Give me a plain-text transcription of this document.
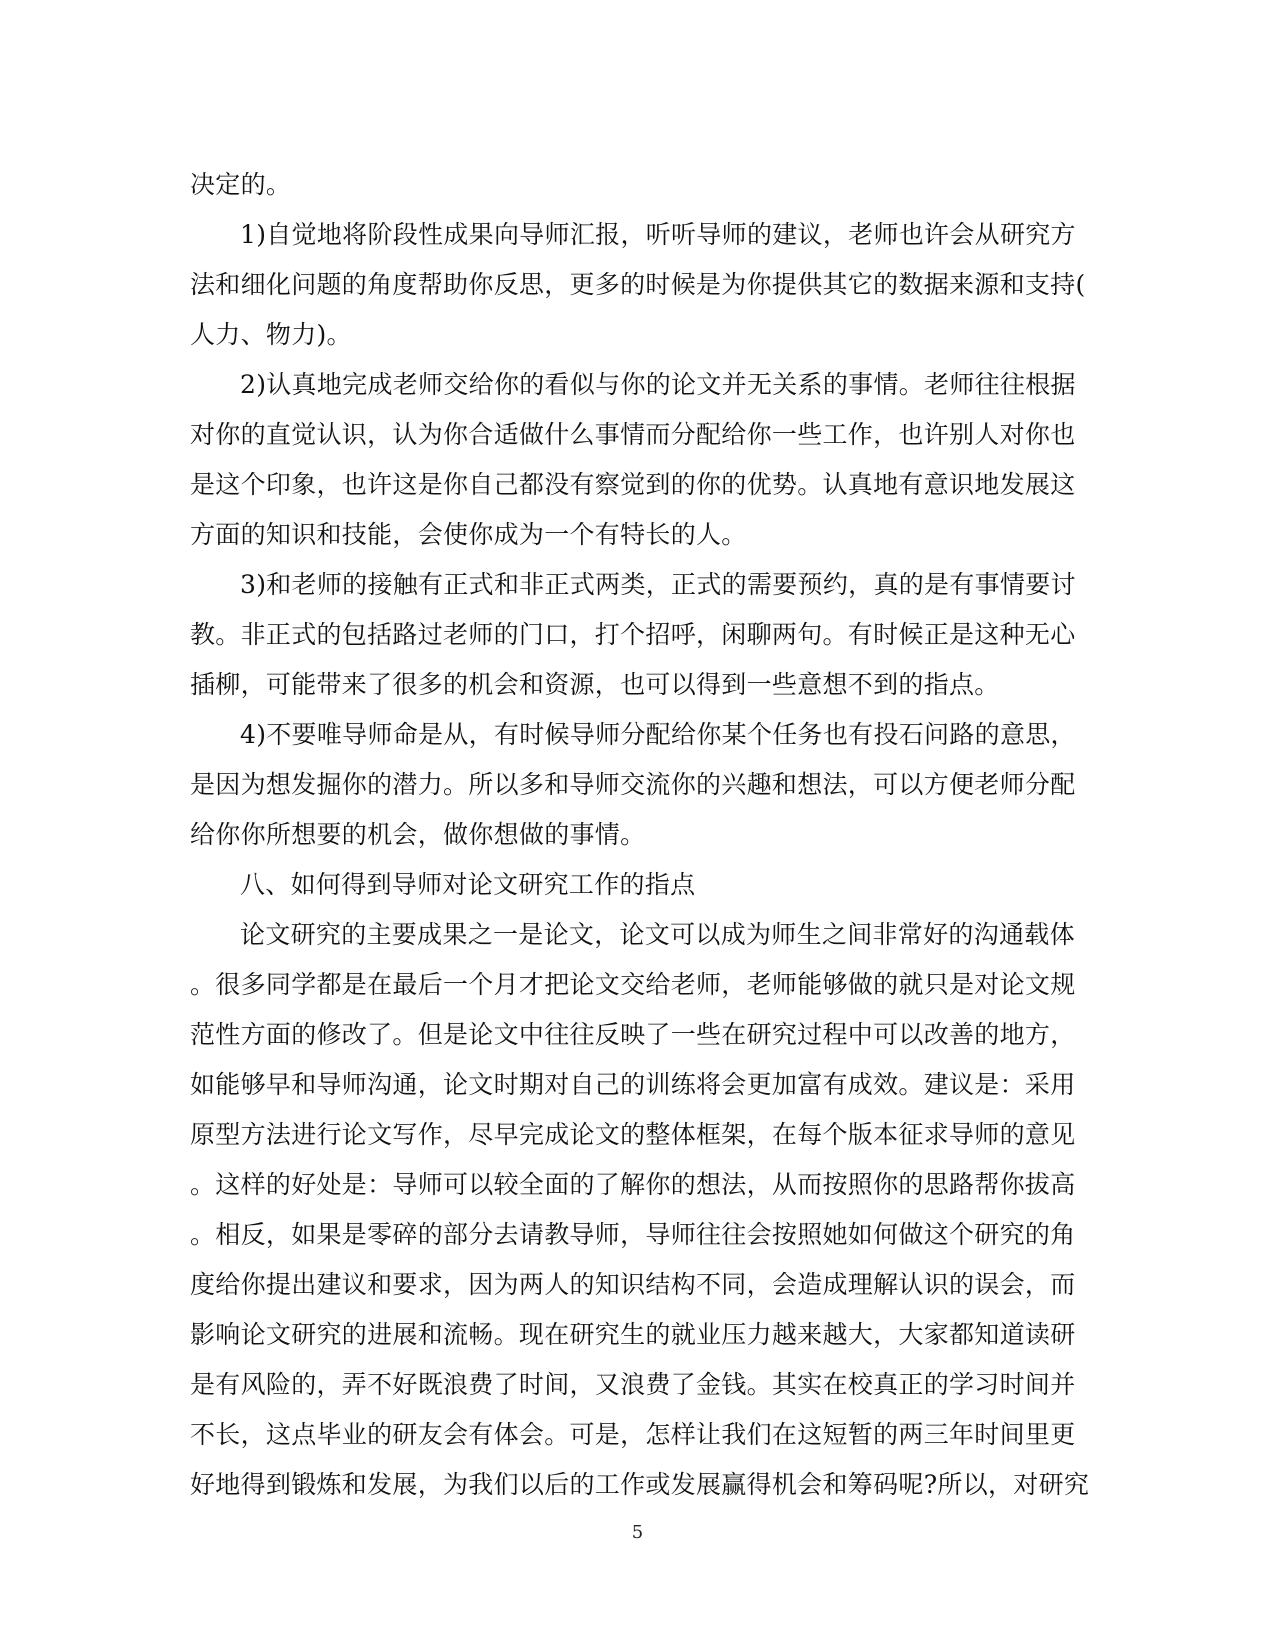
决定的。
1)自觉地将阶段性成果向导师汇报，听听导师的建议，老师也许会从研究方
法和细化问题的角度帮助你反思，更多的时候是为你提供其它的数据来源和支持(
人力、物力)。
2)认真地完成老师交给你的看似与你的论文并无关系的事情。老师往往根据
对你的直觉认识，认为你合适做什么事情而分配给你一些工作，也许别人对你也
是这个印象，也许这是你自己都没有察觉到的你的优势。认真地有意识地发展这
方面的知识和技能，会使你成为一个有特长的人。
3)和老师的接触有正式和非正式两类，正式的需要预约，真的是有事情要讨
教。非正式的包括路过老师的门口，打个招呼，闲聊两句。有时候正是这种无心
插柳，可能带来了很多的机会和资源，也可以得到一些意想不到的指点。
4)不要唯导师命是从，有时候导师分配给你某个任务也有投石问路的意思，
是因为想发掘你的潜力。所以多和导师交流你的兴趣和想法，可以方便老师分配
给你你所想要的机会，做你想做的事情。
八、如何得到导师对论文研究工作的指点
论文研究的主要成果之一是论文，论文可以成为师生之间非常好的沟通载体
。很多同学都是在最后一个月才把论文交给老师，老师能够做的就只是对论文规
范性方面的修改了。但是论文中往往反映了一些在研究过程中可以改善的地方，
如能够早和导师沟通，论文时期对自己的训练将会更加富有成效。建议是：采用
原型方法进行论文写作，尽早完成论文的整体框架，在每个版本征求导师的意见
。这样的好处是：导师可以较全面的了解你的想法，从而按照你的思路帮你拔高
。相反，如果是零碎的部分去请教导师，导师往往会按照她如何做这个研究的角
度给你提出建议和要求，因为两人的知识结构不同，会造成理解认识的误会，而
影响论文研究的进展和流畅。现在研究生的就业压力越来越大，大家都知道读研
是有风险的，弄不好既浪费了时间，又浪费了金钱。其实在校真正的学习时间并
不长，这点毕业的研友会有体会。可是，怎样让我们在这短暂的两三年时间里更
好地得到锻炼和发展，为我们以后的工作或发展赢得机会和筹码呢?所以，对研究
5
